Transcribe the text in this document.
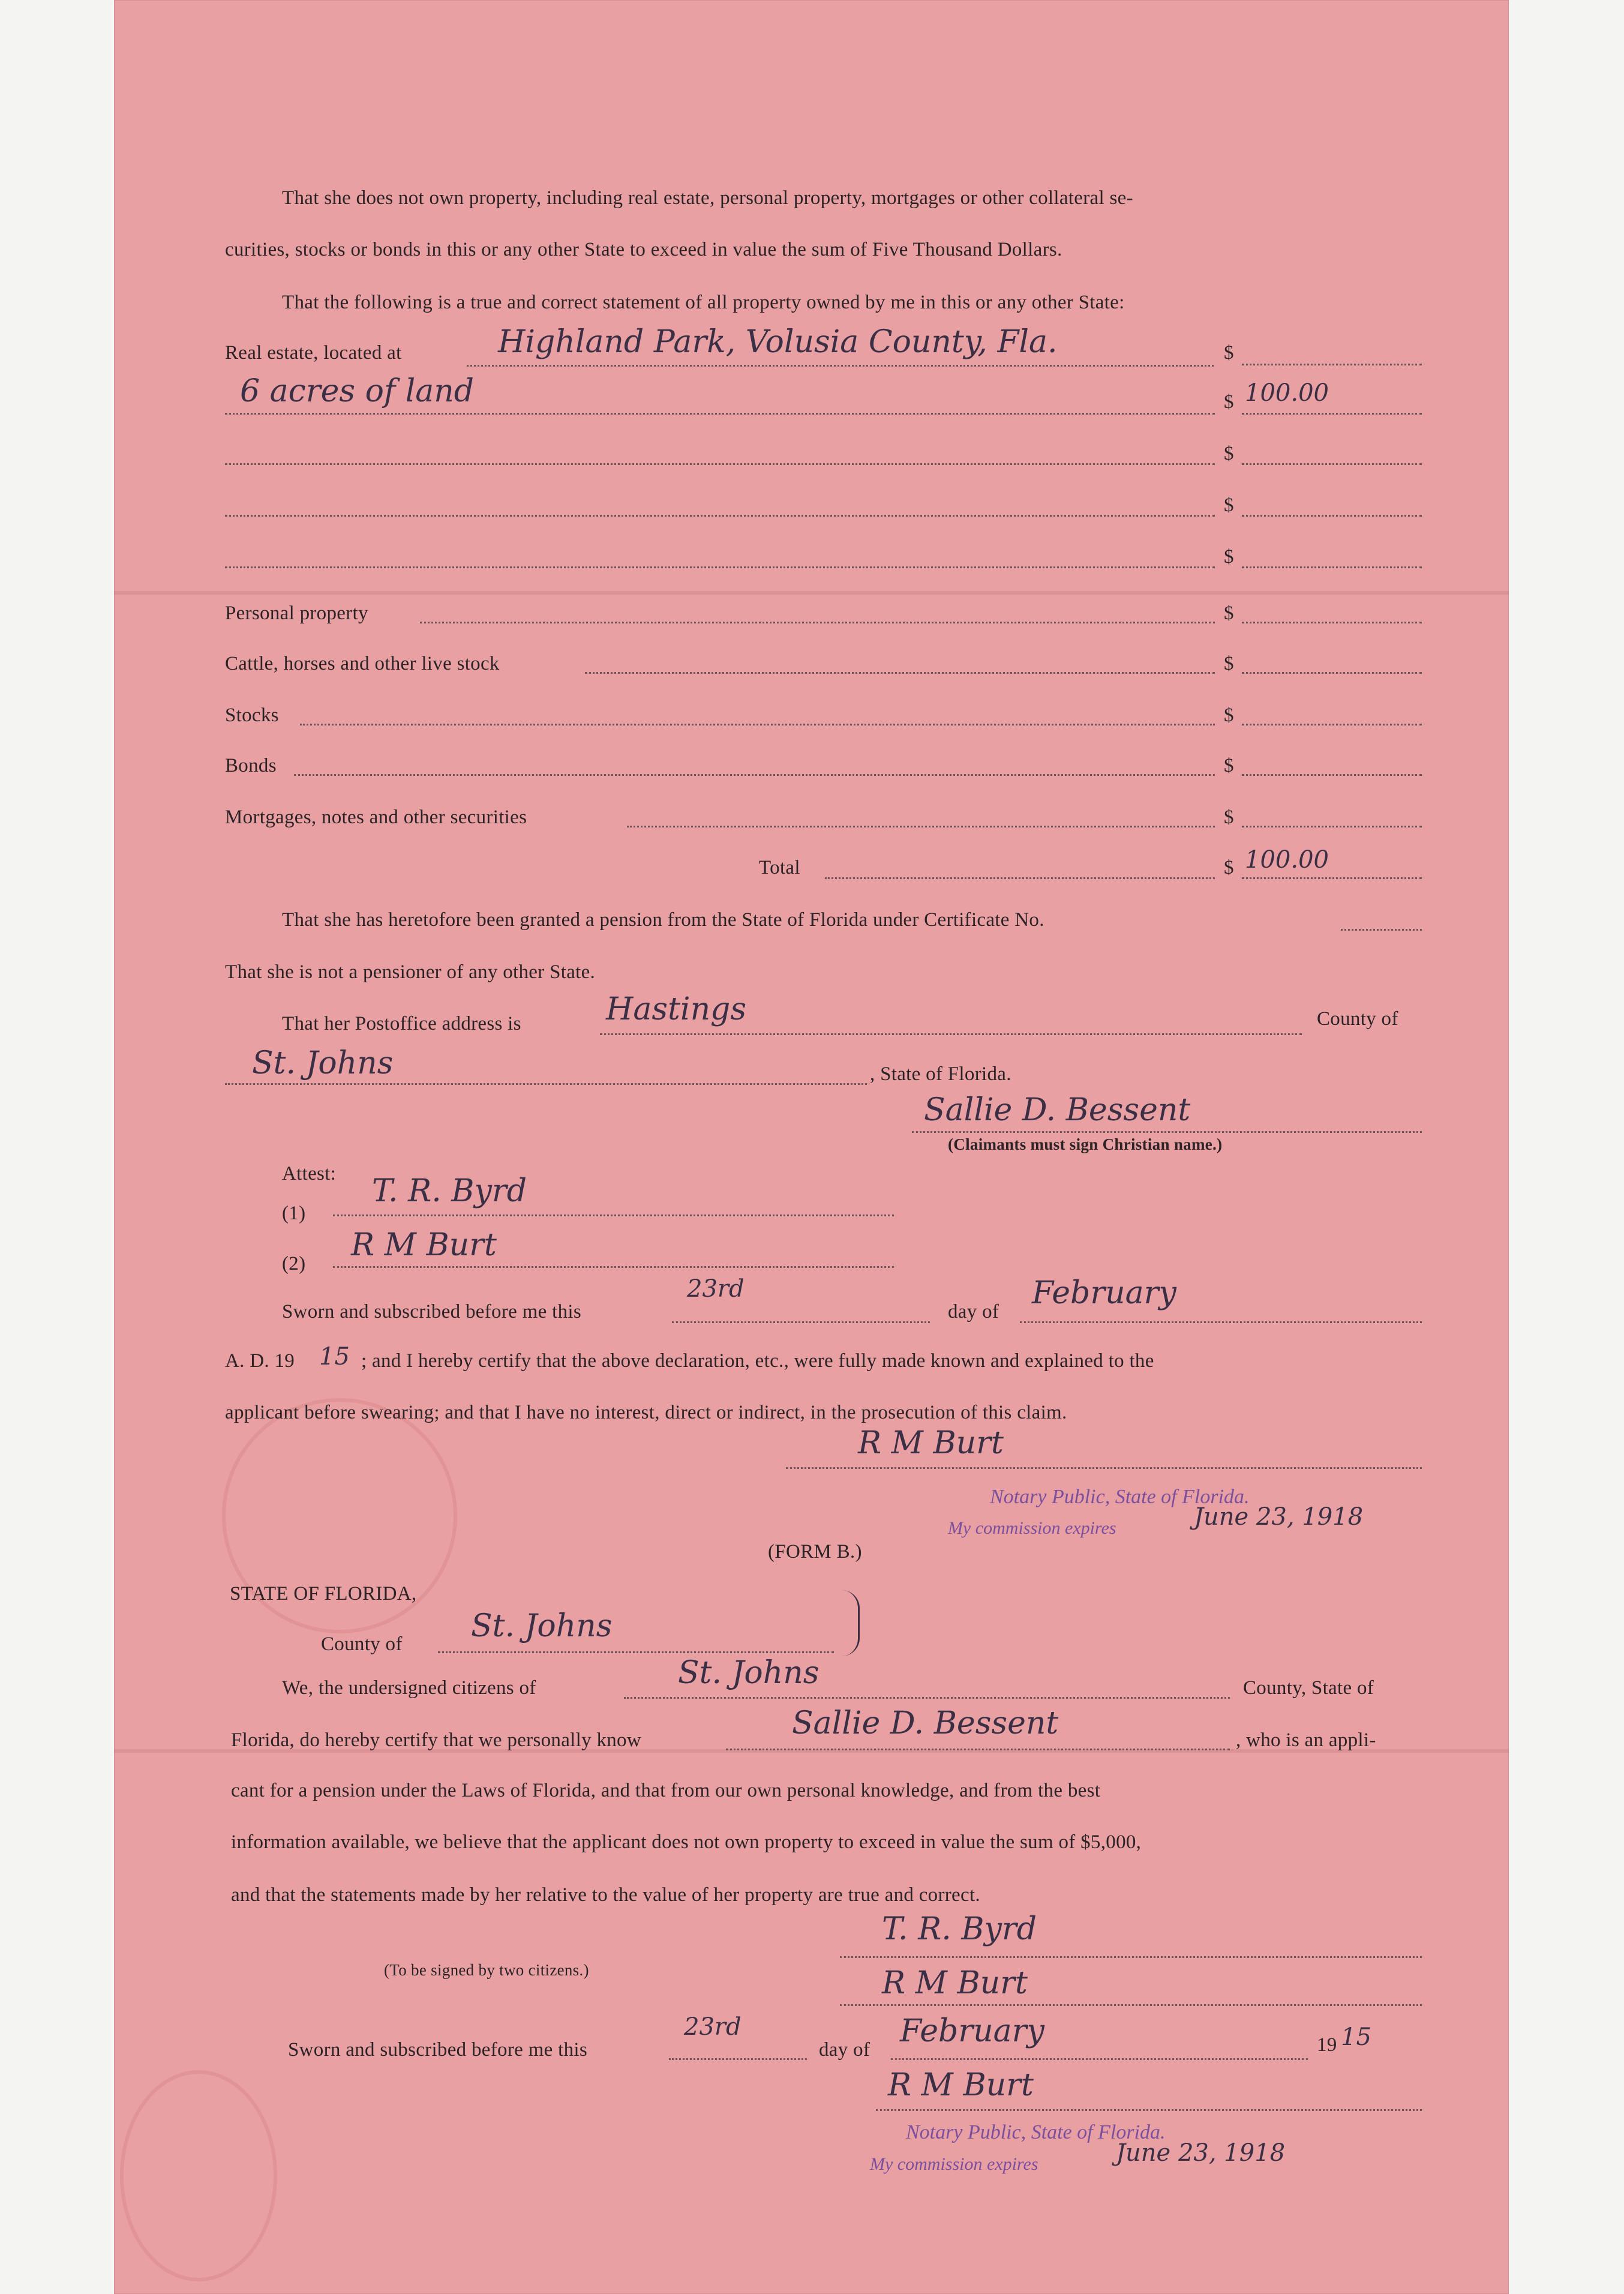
That she does not own property, including real estate, personal property, mortgages or other collateral se-
curities, stocks or bonds in this or any other State to exceed in value the sum of Five Thousand Dollars.
That the following is a true and correct statement of all property owned by me in this or any other State:
Real estate, located at	Highland Park, Volusia County, Fla.	$
6 acres of land	$ 100.00
$
$
$
Personal property	$
Cattle, horses and other live stock	$
Stocks	$
Bonds	$
Mortgages, notes and other securities	$
Total	$ 100.00
That she has heretofore been granted a pension from the State of Florida under Certificate No.
That she is not a pensioner of any other State.
That her Postoffice address is	Hastings	County of
St. Johns	, State of Florida.
Sallie D. Bessent
(Claimants must sign Christian name.)
Attest:
(1)
T. R. Byrd
(2)
R M Burt
Sworn and subscribed before me this
23rd
day of
February
A. D. 19 15 ; and I hereby certify that the above declaration, etc., were fully made known and explained to the
applicant before swearing; and that I have no interest, direct or indirect, in the prosecution of this claim.
R M Burt
Notary Public, State of Florida.
My commission expires	June 23, 1918
(FORM B.)
STATE OF FLORIDA,
County of St. Johns
We, the undersigned citizens of	St. Johns	County, State of
Florida, do hereby certify that we personally know	Sallie D. Bessent	, who is an appli-
cant for a pension under the Laws of Florida, and that from our own personal knowledge, and from the best
information available, we believe that the applicant does not own property to exceed in value the sum of $5,000,
and that the statements made by her relative to the value of her property are true and correct.
(To be signed by two citizens.)
T. R. Byrd
R M Burt
Sworn and subscribed before me this
23rd
day of
February	19 15
R M Burt
Notary Public, State of Florida.
My commission expires	June 23, 1918
